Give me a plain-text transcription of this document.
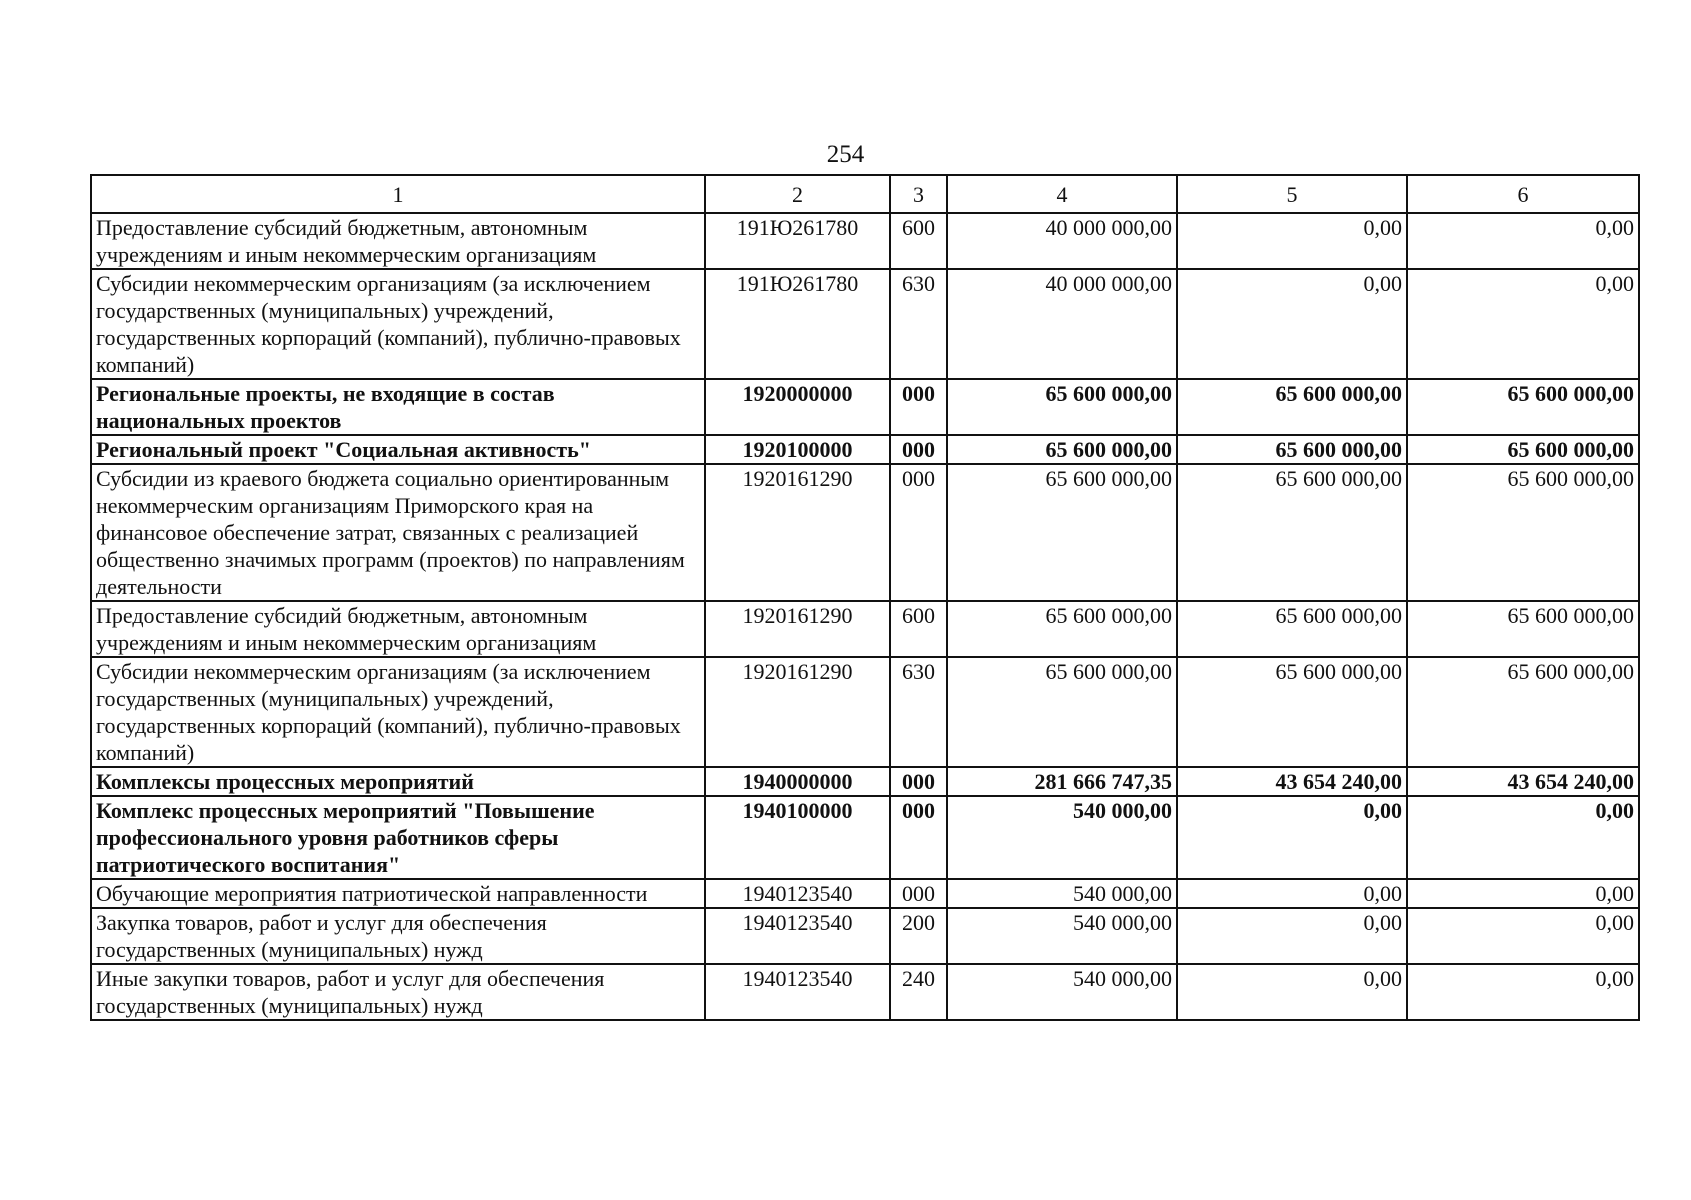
254
1	2	3	4	5	6
Предоставление субсидий бюджетным, автономным учреждениям и иным некоммерческим организациям	191Ю261780	600	40 000 000,00	0,00	0,00
Субсидии некоммерческим организациям (за исключением государственных (муниципальных) учреждений, государственных корпораций (компаний), публично-правовых компаний)	191Ю261780	630	40 000 000,00	0,00	0,00
Региональные проекты, не входящие в состав национальных проектов	1920000000	000	65 600 000,00	65 600 000,00	65 600 000,00
Региональный проект "Социальная активность"	1920100000	000	65 600 000,00	65 600 000,00	65 600 000,00
Субсидии из краевого бюджета социально ориентированным некоммерческим организациям Приморского края на финансовое обеспечение затрат, связанных с реализацией общественно значимых программ (проектов) по направлениям деятельности	1920161290	000	65 600 000,00	65 600 000,00	65 600 000,00
Предоставление субсидий бюджетным, автономным учреждениям и иным некоммерческим организациям	1920161290	600	65 600 000,00	65 600 000,00	65 600 000,00
Субсидии некоммерческим организациям (за исключением государственных (муниципальных) учреждений, государственных корпораций (компаний), публично-правовых компаний)	1920161290	630	65 600 000,00	65 600 000,00	65 600 000,00
Комплексы процессных мероприятий	1940000000	000	281 666 747,35	43 654 240,00	43 654 240,00
Комплекс процессных мероприятий "Повышение профессионального уровня работников сферы патриотического воспитания"	1940100000	000	540 000,00	0,00	0,00
Обучающие мероприятия патриотической направленности	1940123540	000	540 000,00	0,00	0,00
Закупка товаров, работ и услуг для обеспечения государственных (муниципальных) нужд	1940123540	200	540 000,00	0,00	0,00
Иные закупки товаров, работ и услуг для обеспечения государственных (муниципальных) нужд	1940123540	240	540 000,00	0,00	0,00
